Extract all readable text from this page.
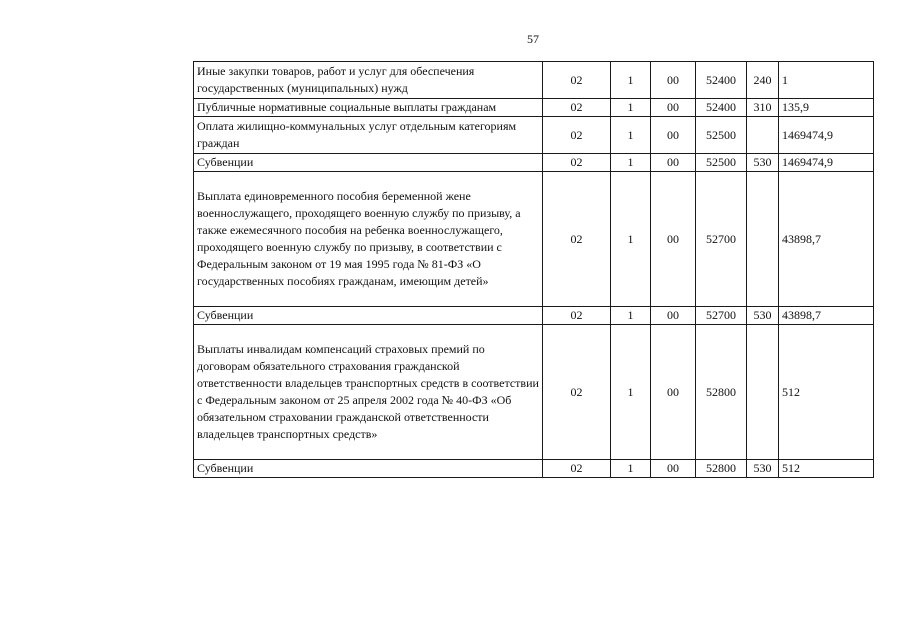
57
Иные закупки товаров, работ и услуг для обеспечения государственных (муниципальных) нужд	02	1	00	52400	240	1
Публичные нормативные социальные выплаты гражданам	02	1	00	52400	310	135,9
Оплата жилищно-коммунальных услуг отдельным категориям граждан	02	1	00	52500		1469474,9
Субвенции	02	1	00	52500	530	1469474,9
Выплата единовременного пособия беременной жене военнослужащего, проходящего военную службу по призыву, а также ежемесячного пособия на ребенка военнослужащего, проходящего военную службу по призыву, в соответствии с Федеральным законом от 19 мая 1995 года № 81-ФЗ «О государственных пособиях гражданам, имеющим детей»	02	1	00	52700		43898,7
Субвенции	02	1	00	52700	530	43898,7
Выплаты инвалидам компенсаций страховых премий по договорам обязательного страхования гражданской ответственности владельцев транспортных средств в соответствии с Федеральным законом от 25 апреля 2002 года № 40-ФЗ «Об обязательном страховании гражданской ответственности владельцев транспортных средств»	02	1	00	52800		512
Субвенции	02	1	00	52800	530	512
